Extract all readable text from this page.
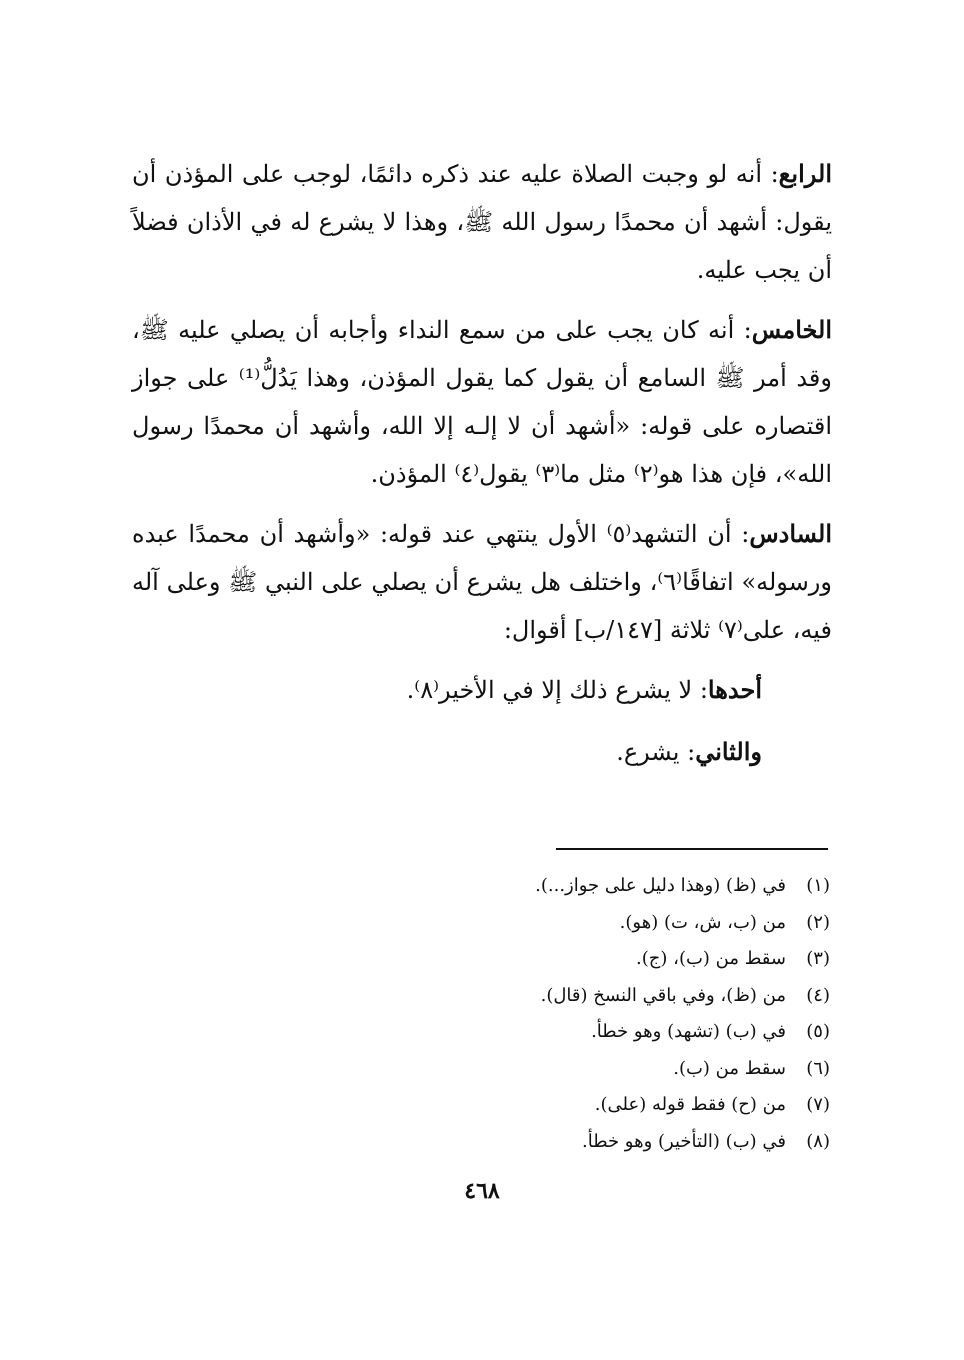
الرابع: أنه لو وجبت الصلاة عليه عند ذكره دائمًا، لوجب على المؤذن أن يقول: أشهد أن محمدًا رسول الله ﷺ، وهذا لا يشرع له في الأذان فضلاً أن يجب عليه.

الخامس: أنه كان يجب على من سمع النداء وأجابه أن يصلي عليه ﷺ، وقد أمر ﷺ السامع أن يقول كما يقول المؤذن، وهذا يَدُلُّ⁽¹⁾ على جواز اقتصاره على قوله: «أشهد أن لا إلـه إلا الله، وأشهد أن محمدًا رسول الله»، فإن هذا هو⁽٢⁾ مثل ما⁽٣⁾ يقول⁽٤⁾ المؤذن.

السادس: أن التشهد⁽٥⁾ الأول ينتهي عند قوله: «وأشهد أن محمدًا عبده ورسوله» اتفاقًا⁽٦⁾، واختلف هل يشرع أن يصلي على النبي ﷺ وعلى آله فيه، على⁽٧⁾ ثلاثة [١٤٧/ب] أقوال:

أحدها: لا يشرع ذلك إلا في الأخير⁽٨⁾.

والثاني: يشرع.

(١)
في (ظ) (وهذا دليل على جواز...).
(٢)
من (ب، ش، ت) (هو).
(٣)
سقط من (ب)، (ج).
(٤)
من (ظ)، وفي باقي النسخ (قال).
(٥)
في (ب) (تشهد) وهو خطأ.
(٦)
سقط من (ب).
(٧)
من (ح) فقط قوله (على).
(٨)
في (ب) (التأخير) وهو خطأ.
٤٦٨
